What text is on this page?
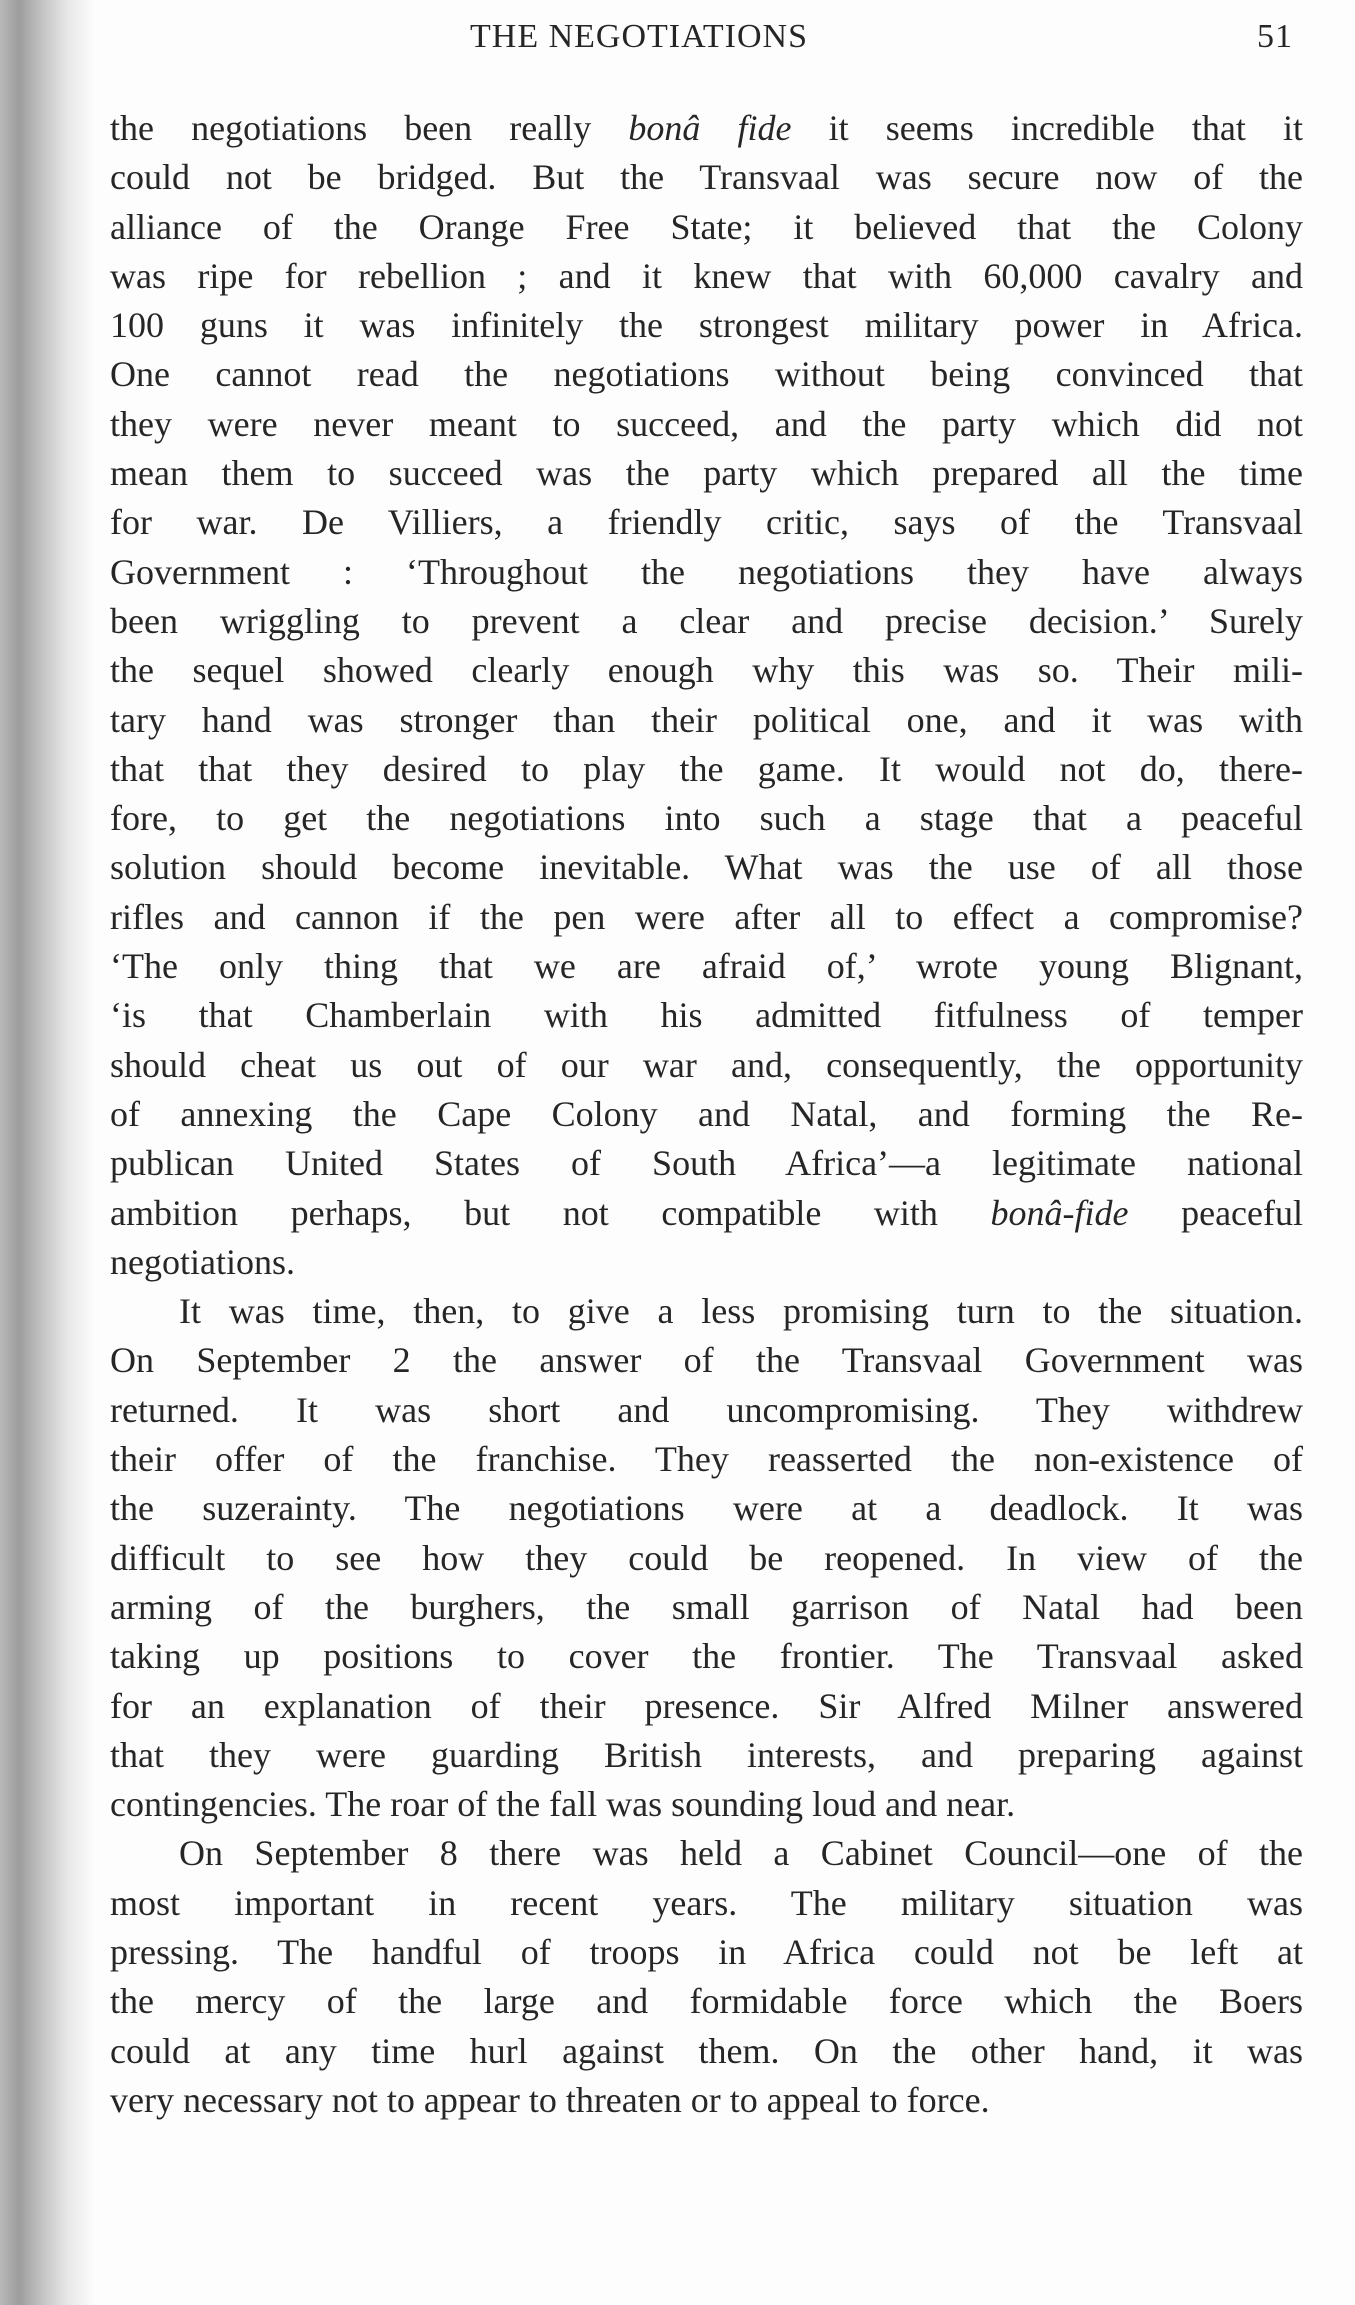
THE NEGOTIATIONS	51
the negotiations been really bonâ fide it seems incredible that it
could not be bridged. But the Transvaal was secure now of the
alliance of the Orange Free State; it believed that the Colony
was ripe for rebellion ; and it knew that with 60,000 cavalry and
100 guns it was infinitely the strongest military power in Africa.
One cannot read the negotiations without being convinced that
they were never meant to succeed, and the party which did not
mean them to succeed was the party which prepared all the time
for war. De Villiers, a friendly critic, says of the Transvaal
Government : ‘Throughout the negotiations they have always
been wriggling to prevent a clear and precise decision.’ Surely
the sequel showed clearly enough why this was so. Their mili-
tary hand was stronger than their political one, and it was with
that that they desired to play the game. It would not do, there-
fore, to get the negotiations into such a stage that a peaceful
solution should become inevitable. What was the use of all those
rifles and cannon if the pen were after all to effect a compromise?
‘The only thing that we are afraid of,’ wrote young Blignant,
‘is that Chamberlain with his admitted fitfulness of temper
should cheat us out of our war and, consequently, the opportunity
of annexing the Cape Colony and Natal, and forming the Re-
publican United States of South Africa’—a legitimate national
ambition perhaps, but not compatible with bonâ-fide peaceful
negotiations.
It was time, then, to give a less promising turn to the situation.
On September 2 the answer of the Transvaal Government was
returned. It was short and uncompromising. They withdrew
their offer of the franchise. They reasserted the non-existence of
the suzerainty. The negotiations were at a deadlock. It was
difficult to see how they could be reopened. In view of the
arming of the burghers, the small garrison of Natal had been
taking up positions to cover the frontier. The Transvaal asked
for an explanation of their presence. Sir Alfred Milner answered
that they were guarding British interests, and preparing against
contingencies. The roar of the fall was sounding loud and near.
On September 8 there was held a Cabinet Council—one of the
most important in recent years. The military situation was
pressing. The handful of troops in Africa could not be left at
the mercy of the large and formidable force which the Boers
could at any time hurl against them. On the other hand, it was
very necessary not to appear to threaten or to appeal to force.
